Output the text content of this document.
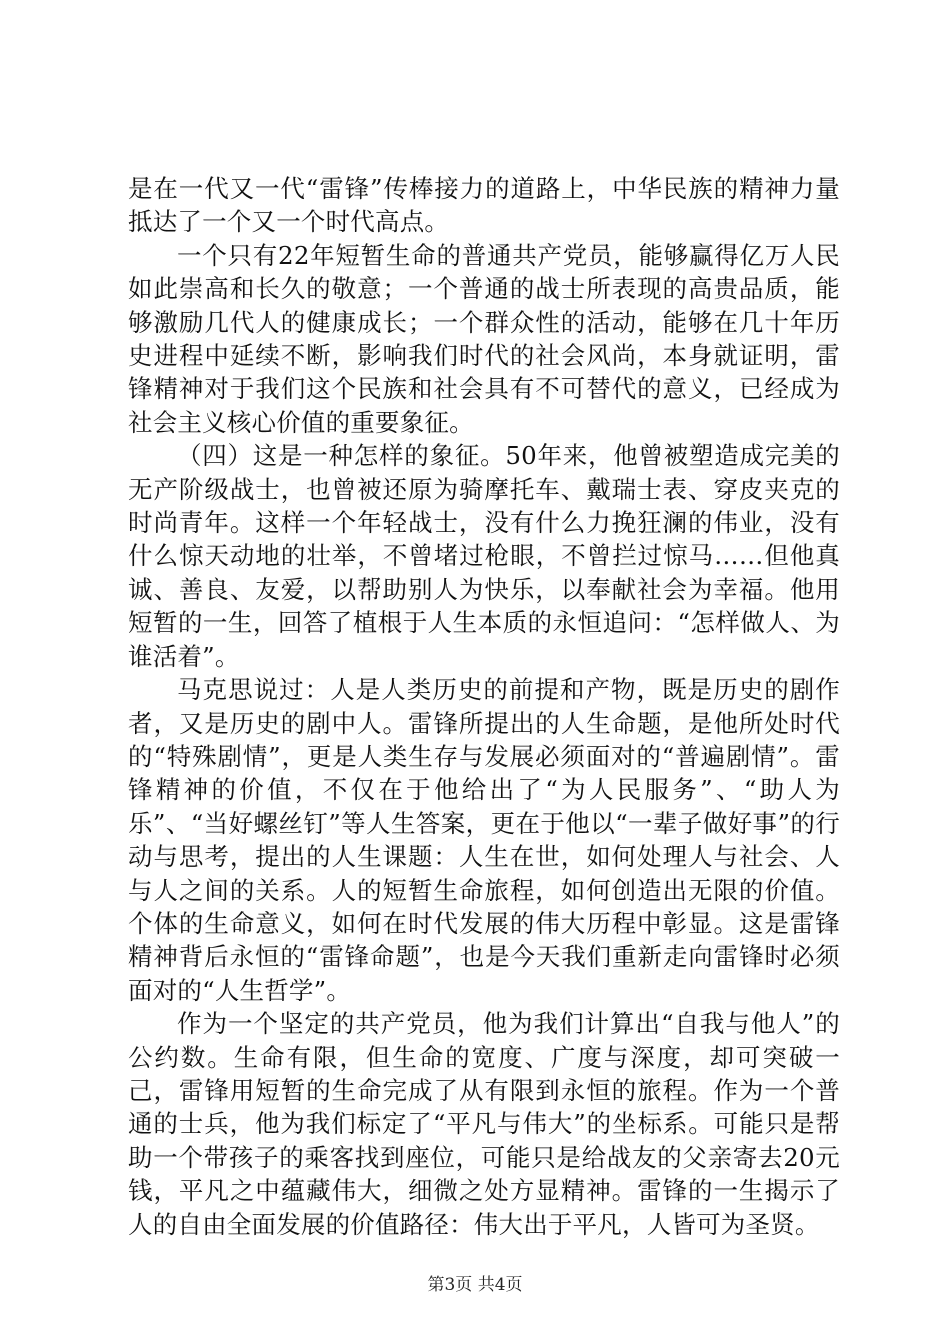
是在一代又一代“雷锋”传棒接力的道路上，中华民族的精神力量抵达了一个又一个时代高点。

一个只有22年短暂生命的普通共产党员，能够赢得亿万人民如此崇高和长久的敬意；一个普通的战士所表现的高贵品质，能够激励几代人的健康成长；一个群众性的活动，能够在几十年历史进程中延续不断，影响我们时代的社会风尚，本身就证明，雷锋精神对于我们这个民族和社会具有不可替代的意义，已经成为社会主义核心价值的重要象征。

（四）这是一种怎样的象征。50年来，他曾被塑造成完美的无产阶级战士，也曾被还原为骑摩托车、戴瑞士表、穿皮夹克的时尚青年。这样一个年轻战士，没有什么力挽狂澜的伟业，没有什么惊天动地的壮举，不曾堵过枪眼，不曾拦过惊马……但他真诚、善良、友爱，以帮助别人为快乐，以奉献社会为幸福。他用短暂的一生，回答了植根于人生本质的永恒追问：“怎样做人、为谁活着”。

马克思说过：人是人类历史的前提和产物，既是历史的剧作者，又是历史的剧中人。雷锋所提出的人生命题，是他所处时代的“特殊剧情”，更是人类生存与发展必须面对的“普遍剧情”。雷锋精神的价值，不仅在于他给出了“为人民服务”、“助人为乐”、“当好螺丝钉”等人生答案，更在于他以“一辈子做好事”的行动与思考，提出的人生课题：人生在世，如何处理人与社会、人与人之间的关系。人的短暂生命旅程，如何创造出无限的价值。个体的生命意义，如何在时代发展的伟大历程中彰显。这是雷锋精神背后永恒的“雷锋命题”，也是今天我们重新走向雷锋时必须面对的“人生哲学”。

作为一个坚定的共产党员，他为我们计算出“自我与他人”的公约数。生命有限，但生命的宽度、广度与深度，却可突破一己，雷锋用短暂的生命完成了从有限到永恒的旅程。作为一个普通的士兵，他为我们标定了“平凡与伟大”的坐标系。可能只是帮助一个带孩子的乘客找到座位，可能只是给战友的父亲寄去20元钱，平凡之中蕴藏伟大，细微之处方显精神。雷锋的一生揭示了人的自由全面发展的价值路径：伟大出于平凡，人皆可为圣贤。

第3页 共4页
